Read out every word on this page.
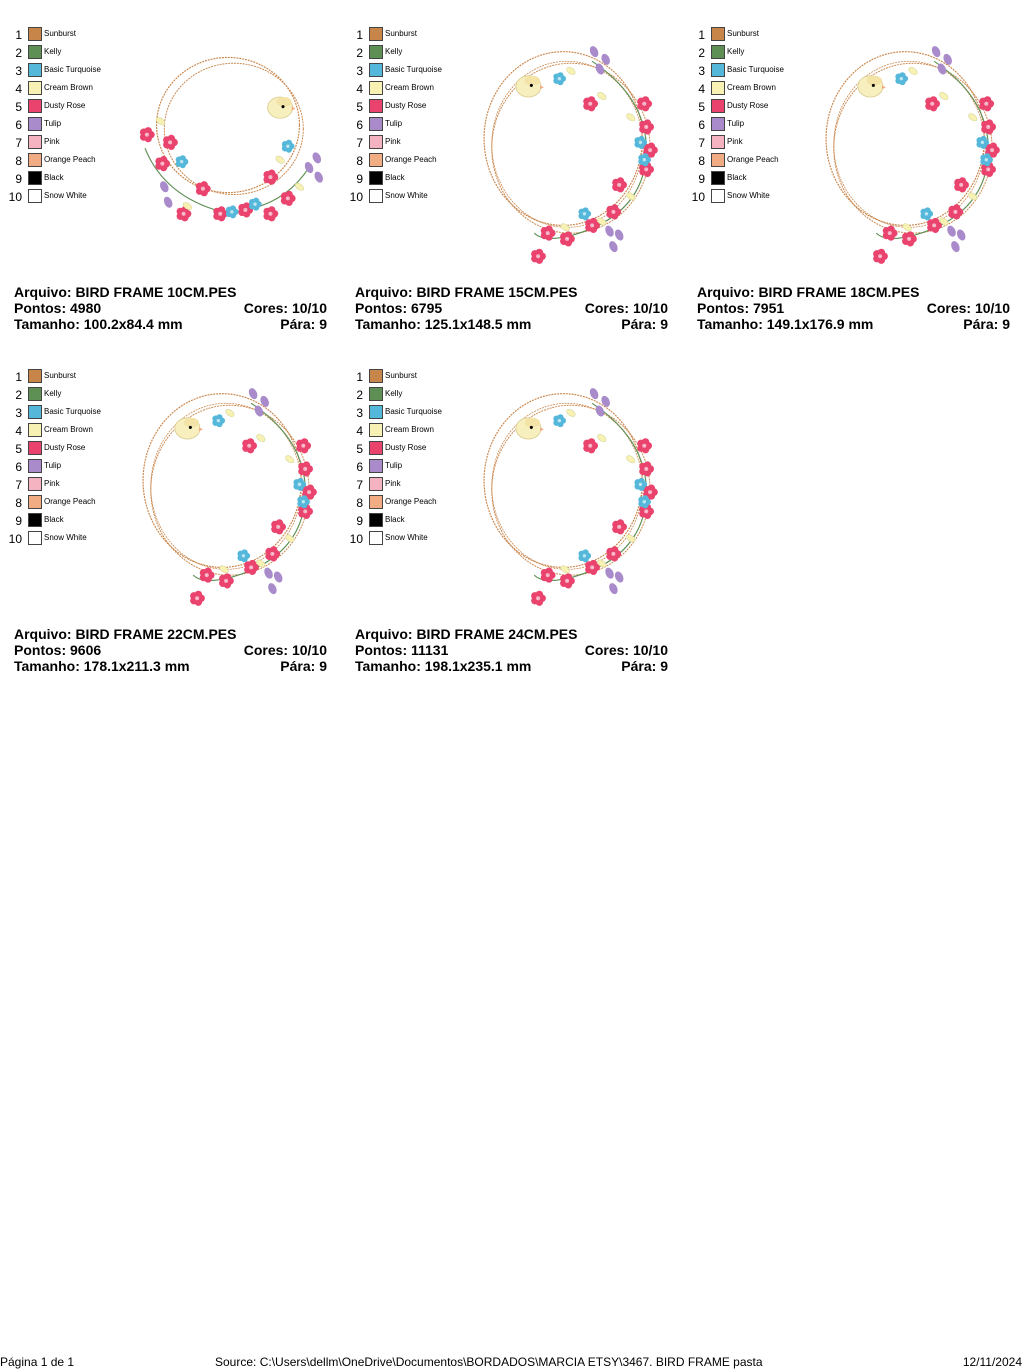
1	Sunburst
2	Kelly
3	Basic Turquoise
4	Cream Brown
5	Dusty Rose
6	Tulip
7	Pink
8	Orange Peach
9	Black
10	Snow White
Arquivo: BIRD FRAME 10CM.PES
Pontos: 4980	Cores: 10/10
Tamanho: 100.2x84.4 mm	Pára: 9
1	Sunburst
2	Kelly
3	Basic Turquoise
4	Cream Brown
5	Dusty Rose
6	Tulip
7	Pink
8	Orange Peach
9	Black
10	Snow White
Arquivo: BIRD FRAME 15CM.PES
Pontos: 6795	Cores: 10/10
Tamanho: 125.1x148.5 mm	Pára: 9
1	Sunburst
2	Kelly
3	Basic Turquoise
4	Cream Brown
5	Dusty Rose
6	Tulip
7	Pink
8	Orange Peach
9	Black
10	Snow White
Arquivo: BIRD FRAME 18CM.PES
Pontos: 7951	Cores: 10/10
Tamanho: 149.1x176.9 mm	Pára: 9
1	Sunburst
2	Kelly
3	Basic Turquoise
4	Cream Brown
5	Dusty Rose
6	Tulip
7	Pink
8	Orange Peach
9	Black
10	Snow White
Arquivo: BIRD FRAME 22CM.PES
Pontos: 9606	Cores: 10/10
Tamanho: 178.1x211.3 mm	Pára: 9
1	Sunburst
2	Kelly
3	Basic Turquoise
4	Cream Brown
5	Dusty Rose
6	Tulip
7	Pink
8	Orange Peach
9	Black
10	Snow White
Arquivo: BIRD FRAME 24CM.PES
Pontos: 11131	Cores: 10/10
Tamanho: 198.1x235.1 mm	Pára: 9
Página 1 de 1	Source: C:\Users\dellm\OneDrive\Documentos\BORDADOS\MARCIA ETSY\3467. BIRD FRAME pasta	12/11/2024
